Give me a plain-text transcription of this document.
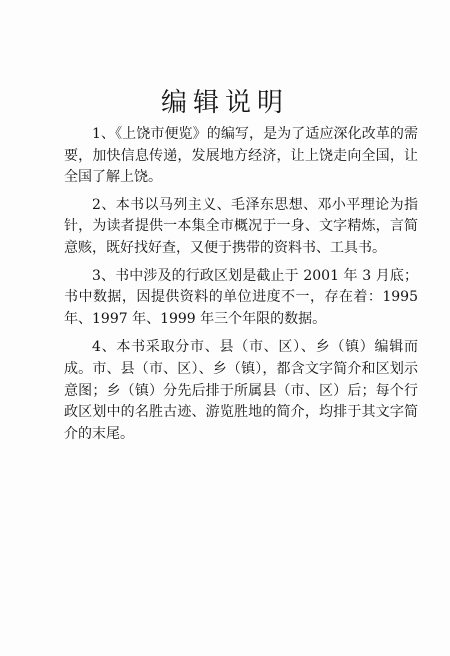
编辑说明

1、《上饶市便览》的编写，是为了适应深化改革的需要，加快信息传递，发展地方经济，让上饶走向全国，让全国了解上饶。

2、本书以马列主义、毛泽东思想、邓小平理论为指针，为读者提供一本集全市概况于一身、文字精炼，言简意赅，既好找好查，又便于携带的资料书、工具书。

3、书中涉及的行政区划是截止于 2001 年 3 月底；书中数据，因提供资料的单位进度不一，存在着：1995 年、1997 年、1999 年三个年限的数据。

4、本书采取分市、县（市、区）、乡（镇）编辑而成。市、县（市、区）、乡（镇），都含文字简介和区划示意图；乡（镇）分先后排于所属县（市、区）后；每个行政区划中的名胜古迹、游览胜地的简介，均排于其文字简介的末尾。
